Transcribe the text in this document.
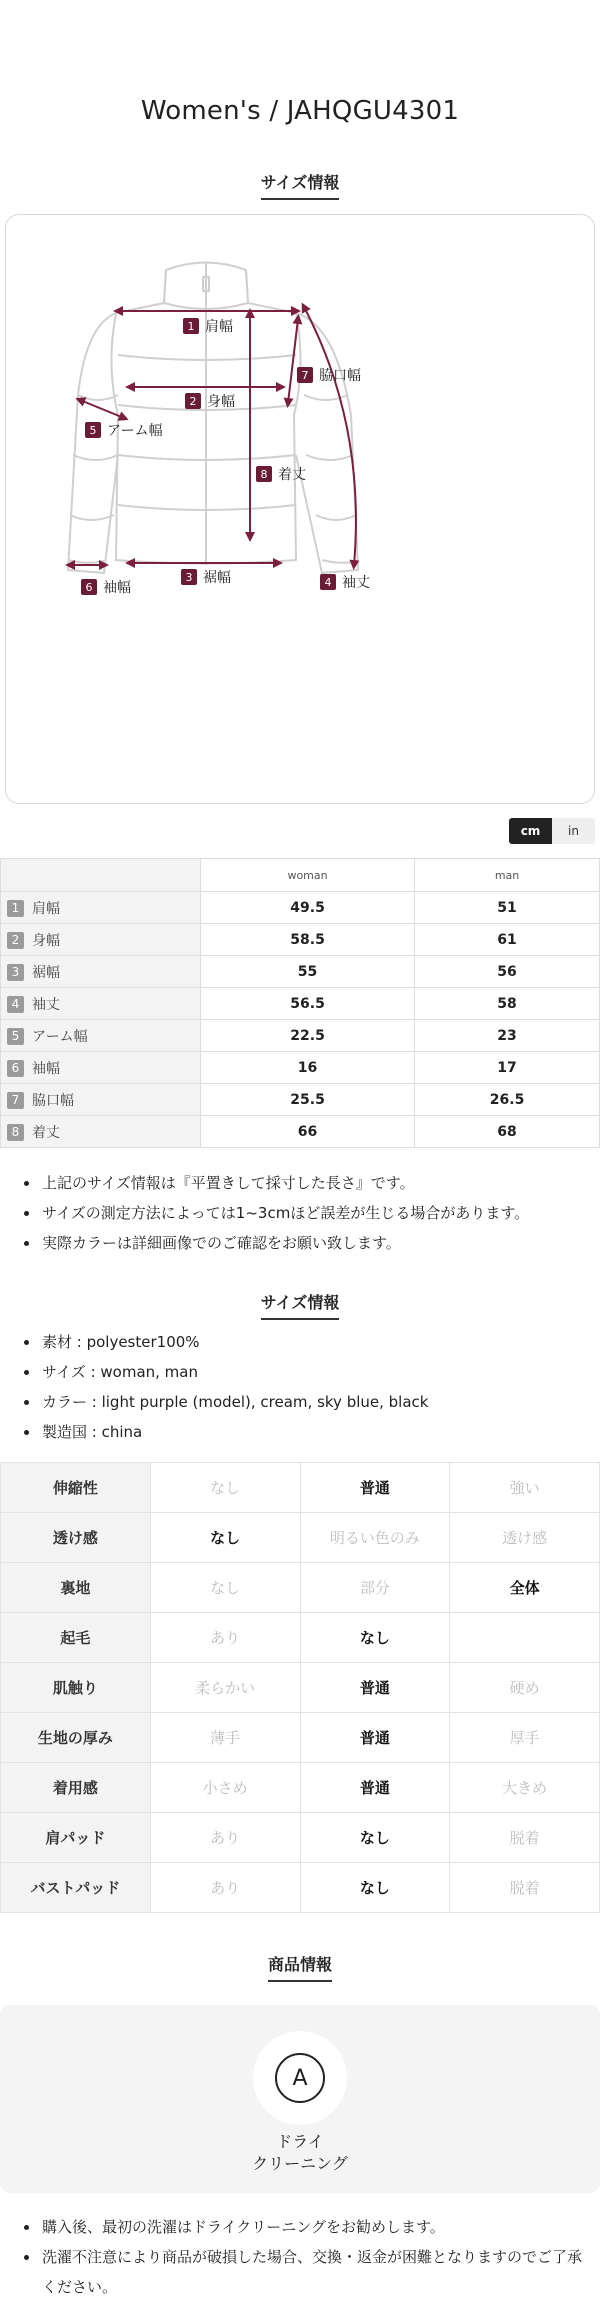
Women's / JAHQGU4301
サイズ情報
1 肩幅
2 身幅
3 裾幅	4 袖丈
5 アーム幅
6 袖幅
7 脇口幅
8 着丈
cm	in
	woman	man
1 肩幅	49.5	51
2 身幅	58.5	61
3 裾幅	55	56
4 袖丈	56.5	58
5 アーム幅	22.5	23
6 袖幅	16	17
7 脇口幅	25.5	26.5
8 着丈	66	68
上記のサイズ情報は『平置きして採寸した長さ』です。
サイズの測定方法によっては1~3cmほど誤差が生じる場合があります。
実際カラーは詳細画像でのご確認をお願い致します。
サイズ情報
素材 : polyester100%
サイズ : woman, man
カラー : light purple (model), cream, sky blue, black
製造国 : china
伸縮性	なし	普通	強い
透け感	なし	明るい色のみ	透け感
裏地	なし	部分	全体
起毛	あり	なし	
肌触り	柔らかい	普通	硬め
生地の厚み	薄手	普通	厚手
着用感	小さめ	普通	大きめ
肩パッド	あり	なし	脱着
バストパッド	あり	なし	脱着
商品情報
A
ドライ
クリーニング
購入後、最初の洗濯はドライクリーニングをお勧めします。
洗濯不注意により商品が破損した場合、交換・返金が困難となりますのでご了承ください。
